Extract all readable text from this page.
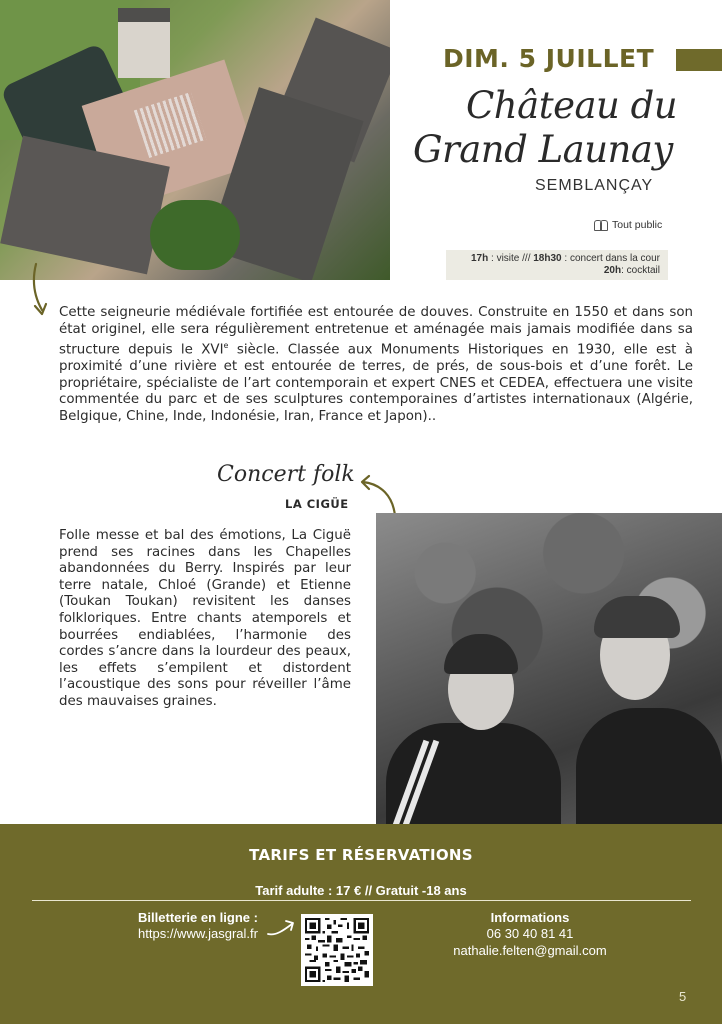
DIM. 5 JUILLET
Château du
Grand Launay
SEMBLANÇAY
Tout public
17h : visite /// 18h30 : concert dans la cour
20h: cocktail
Cette seigneurie médiévale fortifiée est entourée de douves. Construite en 1550 et dans son état originel, elle sera régulièrement entretenue et aménagée mais jamais modifiée dans sa structure depuis le XVIe siècle. Classée aux Monuments Historiques en 1930, elle est à proximité d’une rivière et est entourée de terres, de prés, de sous-bois et d’une forêt. Le propriétaire, spécialiste de l’art contemporain et expert CNES et CEDEA, effectuera une visite commentée du parc et de ses sculptures contemporaines d’artistes internationaux (Algérie, Belgique, Chine, Inde, Indonésie, Iran, France et Japon)..
Concert folk
LA CIGÜE
Folle messe et bal des émotions, La Ciguë prend ses racines dans les Chapelles abandonnées du Berry. Inspirés par leur terre natale, Chloé (Grande) et Etienne (Toukan Toukan) revisitent les danses folkloriques. Entre chants atemporels et bourrées endiablées, l’harmonie des cordes s’ancre dans la lourdeur des peaux, les effets s’empilent et distordent l’acoustique des sons pour réveiller l’âme des mauvaises graines.
TARIFS ET RÉSERVATIONS
Tarif adulte : 17 € // Gratuit -18 ans
Billetterie en ligne :
https://www.jasgral.fr
Informations
06 30 40 81 41
nathalie.felten@gmail.com
5
